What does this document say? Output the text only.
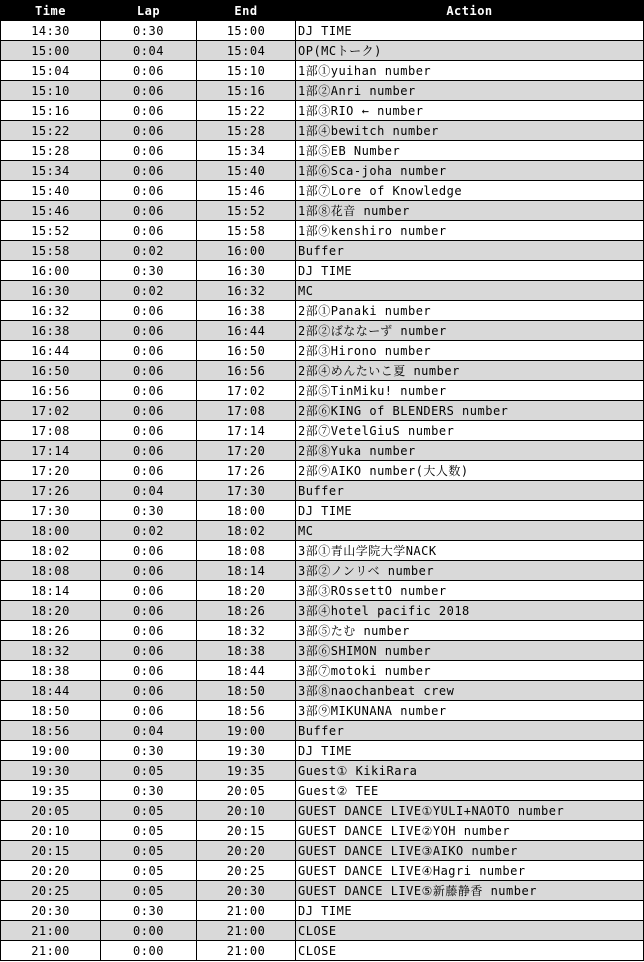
Time	Lap	End	Action
14:30	0:30	15:00	DJ TIME
15:00	0:04	15:04	OP(MCトーク)
15:04	0:06	15:10	1部①yuihan number
15:10	0:06	15:16	1部②Anri number
15:16	0:06	15:22	1部③RIO ← number
15:22	0:06	15:28	1部④bewitch number
15:28	0:06	15:34	1部⑤EB Number
15:34	0:06	15:40	1部⑥Sca-joha number
15:40	0:06	15:46	1部⑦Lore of Knowledge
15:46	0:06	15:52	1部⑧花音 number
15:52	0:06	15:58	1部⑨kenshiro number
15:58	0:02	16:00	Buffer
16:00	0:30	16:30	DJ TIME
16:30	0:02	16:32	MC
16:32	0:06	16:38	2部①Panaki number
16:38	0:06	16:44	2部②ばななーず number
16:44	0:06	16:50	2部③Hirono number
16:50	0:06	16:56	2部④めんたいこ夏 number
16:56	0:06	17:02	2部⑤TinMiku! number
17:02	0:06	17:08	2部⑥KING of BLENDERS number
17:08	0:06	17:14	2部⑦VetelGiuS number
17:14	0:06	17:20	2部⑧Yuka number
17:20	0:06	17:26	2部⑨AIKO number(大人数)
17:26	0:04	17:30	Buffer
17:30	0:30	18:00	DJ TIME
18:00	0:02	18:02	MC
18:02	0:06	18:08	3部①青山学院大学NACK
18:08	0:06	18:14	3部②ノンリベ number
18:14	0:06	18:20	3部③ROssettO number
18:20	0:06	18:26	3部④hotel pacific 2018
18:26	0:06	18:32	3部⑤たむ number
18:32	0:06	18:38	3部⑥SHIMON number
18:38	0:06	18:44	3部⑦motoki number
18:44	0:06	18:50	3部⑧naochanbeat crew
18:50	0:06	18:56	3部⑨MIKUNANA number
18:56	0:04	19:00	Buffer
19:00	0:30	19:30	DJ TIME
19:30	0:05	19:35	Guest① KikiRara
19:35	0:30	20:05	Guest② TEE
20:05	0:05	20:10	GUEST DANCE LIVE①YULI+NAOTO number
20:10	0:05	20:15	GUEST DANCE LIVE②YOH number
20:15	0:05	20:20	GUEST DANCE LIVE③AIKO number
20:20	0:05	20:25	GUEST DANCE LIVE④Hagri number
20:25	0:05	20:30	GUEST DANCE LIVE⑤新藤静香 number
20:30	0:30	21:00	DJ TIME
21:00	0:00	21:00	CLOSE
21:00	0:00	21:00	CLOSE
